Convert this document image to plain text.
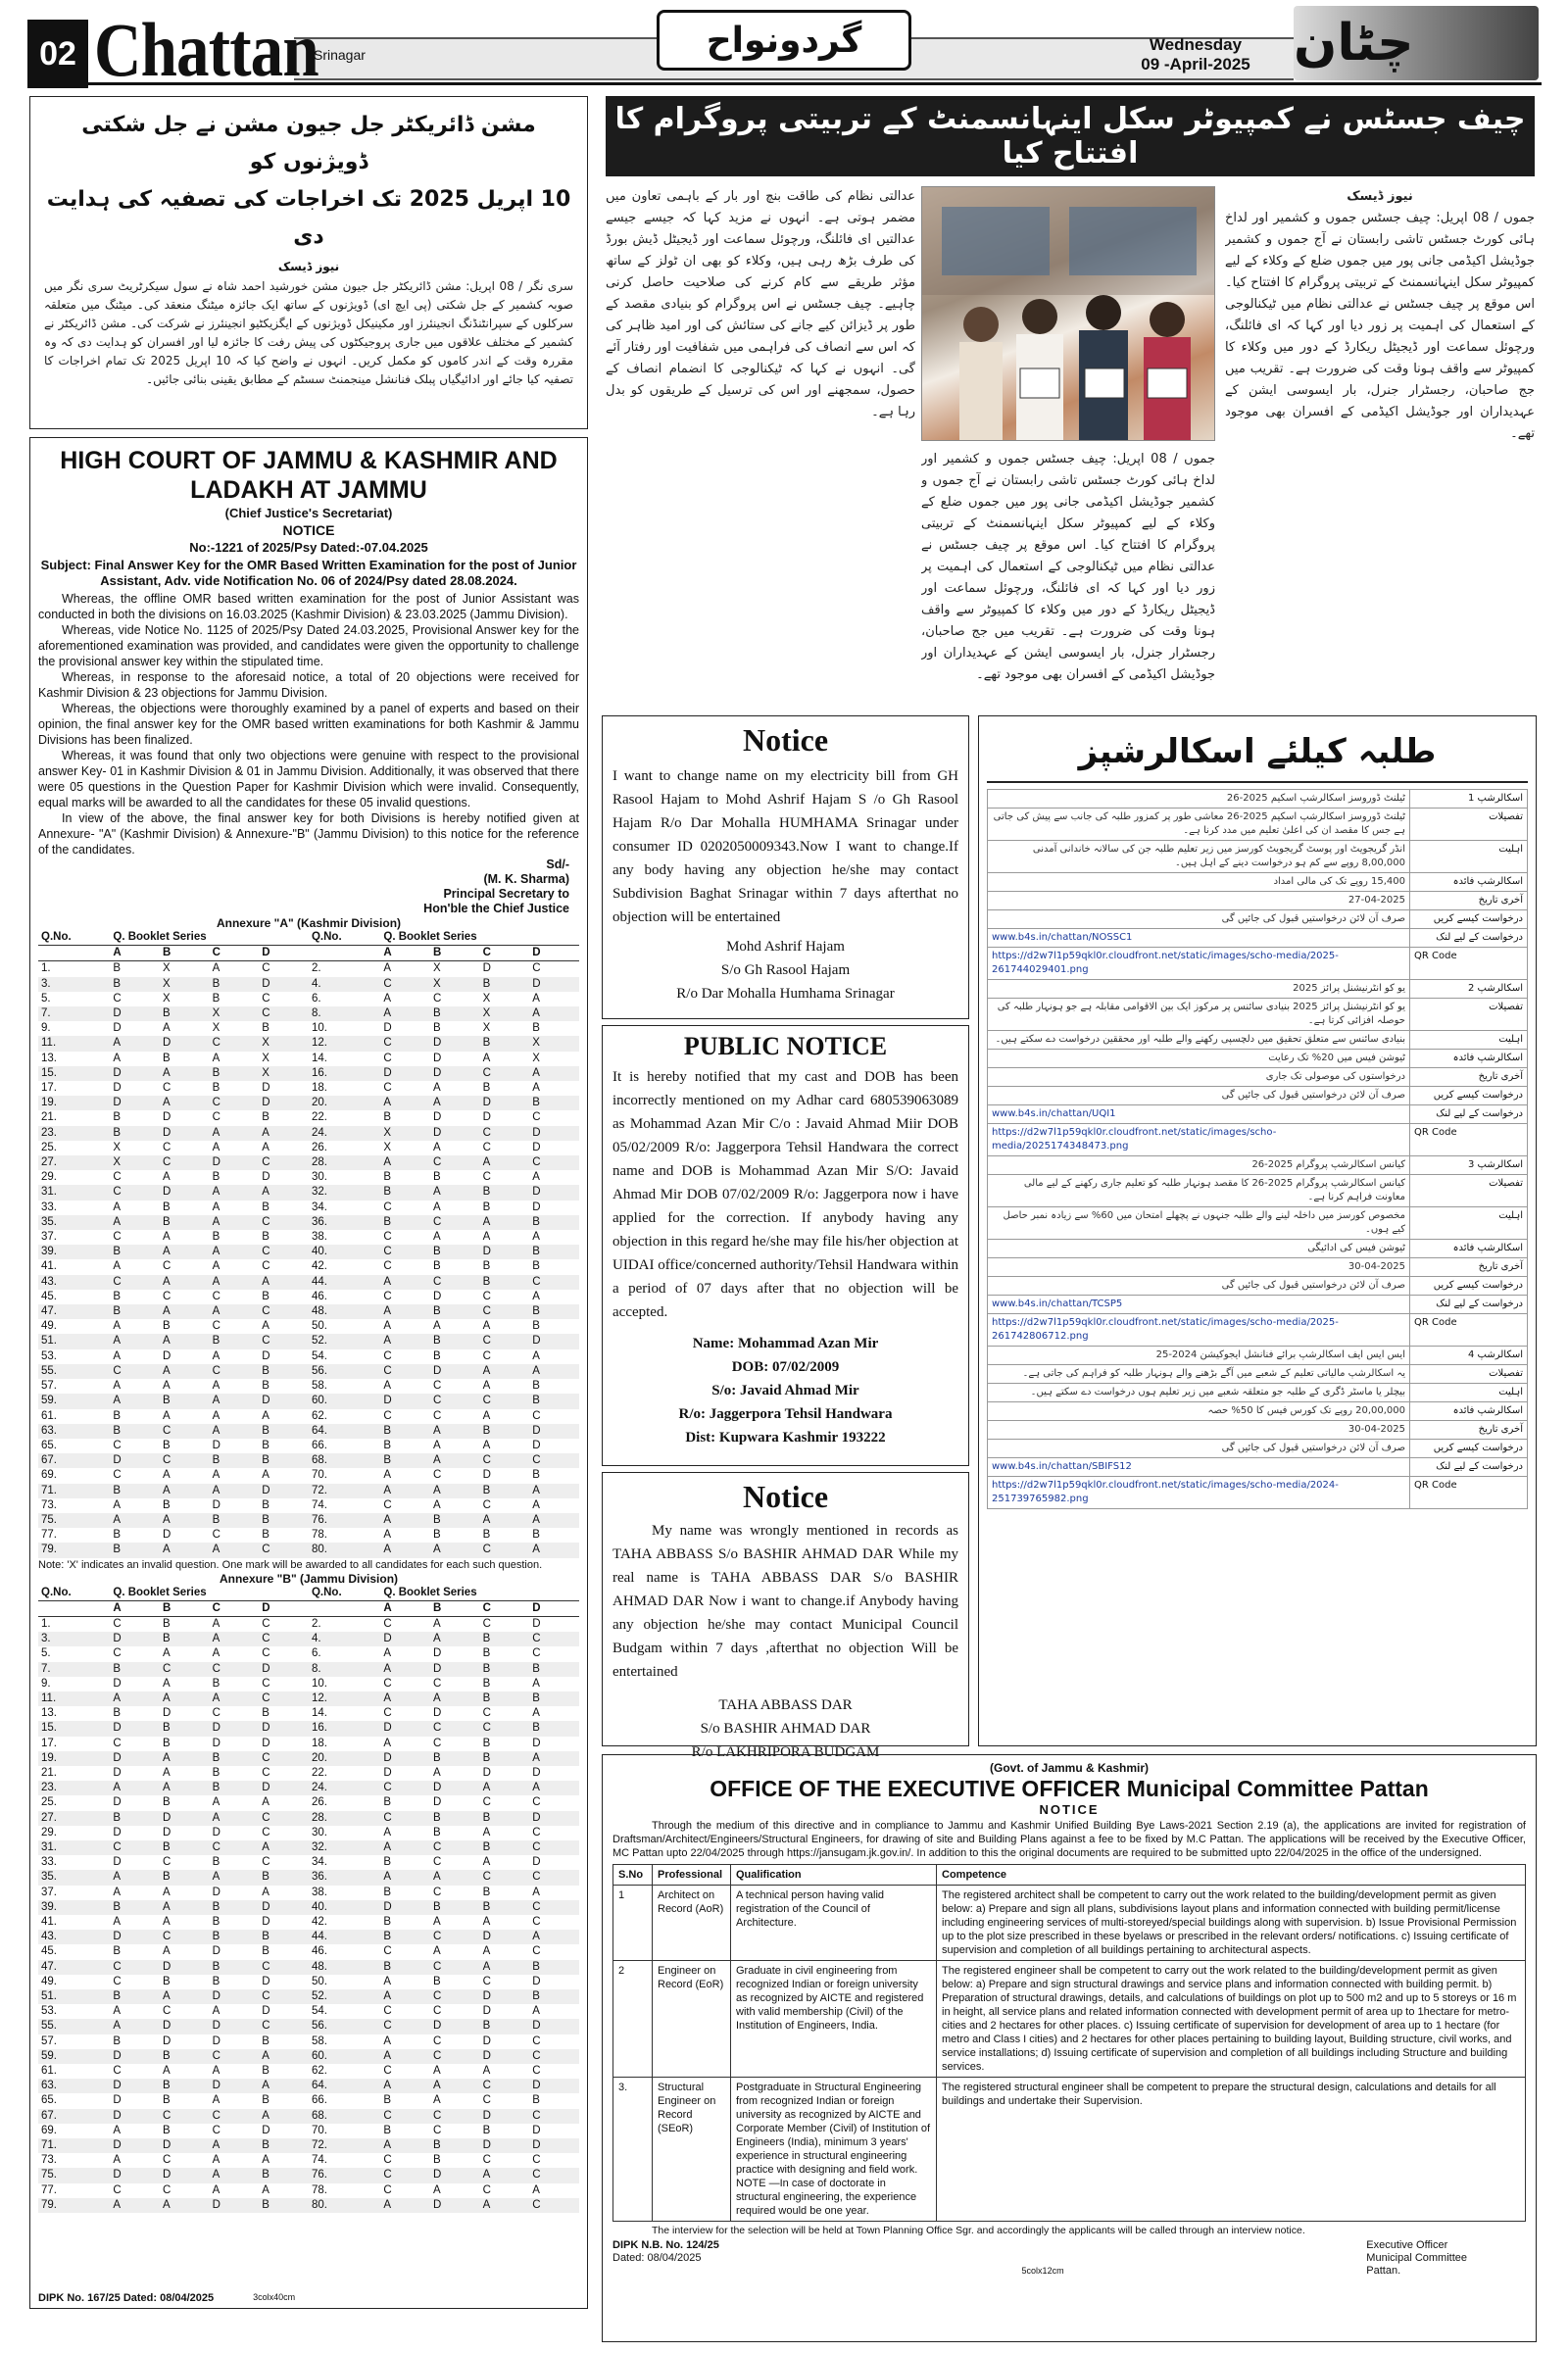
02 Chattan
Srinagar	گردونواح	Wednesday
09 -April-2025 چٹان
مشن ڈائریکٹر جل جیون مشن نے جل شکتی ڈویژنوں کو
10 اپریل 2025 تک اخراجات کی تصفیہ کی ہدایت دی
نیوز ڈیسک
سری نگر / 08 اپریل: مشن ڈائریکٹر جل جیون مشن خورشید احمد شاہ نے سول سیکرٹریٹ سری نگر میں صوبہ کشمیر کے جل شکتی (پی ایچ ای) ڈویژنوں کے ساتھ ایک جائزہ میٹنگ منعقد کی۔ میٹنگ میں متعلقہ سرکلوں کے سپرانٹنڈنگ انجینئرز اور مکینیکل ڈویژنوں کے ایگزیکٹیو انجینئرز نے شرکت کی۔ مشن ڈائریکٹر نے کشمیر کے مختلف علاقوں میں جاری پروجیکٹوں کی پیش رفت کا جائزہ لیا اور افسران کو ہدایت دی کہ وہ مقررہ وقت کے اندر کاموں کو مکمل کریں۔ انہوں نے واضح کیا کہ 10 اپریل 2025 تک تمام اخراجات کا تصفیہ کیا جائے اور ادائیگیاں پبلک فنانشل مینجمنٹ سسٹم کے مطابق یقینی بنائی جائیں۔
HIGH COURT OF JAMMU & KASHMIR AND LADAKH AT JAMMU
(Chief Justice's Secretariat)
NOTICE
No:-1221 of 2025/Psy Dated:-07.04.2025
Subject: Final Answer Key for the OMR Based Written Examination for the post of Junior Assistant, Adv. vide Notification No. 06 of 2024/Psy dated 28.08.2024.

Whereas, the offline OMR based written examination for the post of Junior Assistant was conducted in both the divisions on 16.03.2025 (Kashmir Division) & 23.03.2025 (Jammu Division).

Whereas, vide Notice No. 1125 of 2025/Psy Dated 24.03.2025, Provisional Answer key for the aforementioned examination was provided, and candidates were given the opportunity to challenge the provisional answer key within the stipulated time.

Whereas, in response to the aforesaid notice, a total of 20 objections were received for Kashmir Division & 23 objections for Jammu Division.

Whereas, the objections were thoroughly examined by a panel of experts and based on their opinion, the final answer key for the OMR based written examinations for both Kashmir & Jammu Divisions has been finalized.

Whereas, it was found that only two objections were genuine with respect to the provisional answer Key- 01 in Kashmir Division & 01 in Jammu Division. Additionally, it was observed that there were 05 questions in the Question Paper for Kashmir Division which were invalid. Consequently, equal marks will be awarded to all the candidates for these 05 invalid questions.

In view of the above, the final answer key for both Divisions is hereby notified given at Annexure- "A" (Kashmir Division) & Annexure-"B" (Jammu Division) to this notice for the reference of the candidates.

Sd/-
(M. K. Sharma)
Principal Secretary to
Hon'ble the Chief Justice
Annexure "A" (Kashmir Division)
Q.No.	Q. Booklet Series				Q.No.	Q. Booklet Series			
	A	B	C	D		A	B	C	D
1.	B	X	A	C	2.	A	X	D	C
3.	B	X	B	D	4.	C	X	B	D
5.	C	X	B	C	6.	A	C	X	A
7.	D	B	X	C	8.	A	B	X	A
9.	D	A	X	B	10.	D	B	X	B
11.	A	D	C	X	12.	C	D	B	X
13.	A	B	A	X	14.	C	D	A	X
15.	D	A	B	X	16.	D	D	C	A
17.	D	C	B	D	18.	C	A	B	A
19.	D	A	C	D	20.	A	A	D	B
21.	B	D	C	B	22.	B	D	D	C
23.	B	D	A	A	24.	X	D	C	D
25.	X	C	A	A	26.	X	A	C	D
27.	X	C	D	C	28.	A	C	A	C
29.	C	A	B	D	30.	B	B	C	A
31.	C	D	A	A	32.	B	A	B	D
33.	A	B	A	B	34.	C	A	B	D
35.	A	B	A	C	36.	B	C	A	B
37.	C	A	B	B	38.	C	A	A	A
39.	B	A	A	C	40.	C	B	D	B
41.	A	C	A	C	42.	C	B	B	B
43.	C	A	A	A	44.	A	C	B	C
45.	B	C	C	B	46.	C	D	C	A
47.	B	A	A	C	48.	A	B	C	B
49.	A	B	C	A	50.	A	A	A	B
51.	A	A	B	C	52.	A	B	C	D
53.	A	D	A	D	54.	C	B	C	A
55.	C	A	C	B	56.	C	D	A	A
57.	A	A	A	B	58.	A	C	A	B
59.	A	B	A	D	60.	D	C	C	B
61.	B	A	A	A	62.	C	C	A	C
63.	B	C	A	B	64.	B	A	B	D
65.	C	B	D	B	66.	B	A	A	D
67.	D	C	B	B	68.	B	A	C	C
69.	C	A	A	A	70.	A	C	D	B
71.	B	A	A	D	72.	A	A	B	A
73.	A	B	D	B	74.	C	A	C	A
75.	A	A	B	B	76.	A	B	A	A
77.	B	D	C	B	78.	A	B	B	B
79.	B	A	A	C	80.	A	A	C	A
Note: 'X' indicates an invalid question. One mark will be awarded to all candidates for each such question.
Annexure "B" (Jammu Division)
Q.No.	Q. Booklet Series				Q.No.	Q. Booklet Series			
	A	B	C	D		A	B	C	D
1.	C	B	A	C	2.	C	A	C	D
3.	D	B	A	C	4.	D	A	B	C
5.	C	A	A	C	6.	A	D	B	C
7.	B	C	C	D	8.	A	D	B	B
9.	D	A	B	C	10.	C	C	B	A
11.	A	A	A	C	12.	A	A	B	B
13.	B	D	C	B	14.	C	D	C	A
15.	D	B	D	D	16.	D	C	C	B
17.	C	B	D	D	18.	A	C	B	D
19.	D	A	B	C	20.	D	B	B	A
21.	D	A	B	C	22.	D	A	D	D
23.	A	A	B	D	24.	C	D	A	A
25.	D	B	A	A	26.	B	D	C	C
27.	B	D	A	C	28.	C	B	B	D
29.	D	D	D	C	30.	A	B	A	C
31.	C	B	C	A	32.	A	C	B	C
33.	D	C	B	C	34.	B	C	A	D
35.	A	B	A	B	36.	A	A	C	C
37.	A	A	D	A	38.	B	C	B	A
39.	B	A	B	D	40.	D	B	B	C
41.	A	A	B	D	42.	B	A	A	C
43.	D	C	B	B	44.	B	C	D	A
45.	B	A	D	B	46.	C	A	A	C
47.	C	D	B	C	48.	B	C	A	B
49.	C	B	B	D	50.	A	B	C	D
51.	B	A	D	C	52.	A	C	D	B
53.	A	C	A	D	54.	C	C	D	A
55.	A	D	D	C	56.	C	D	B	D
57.	B	D	D	B	58.	A	C	D	C
59.	D	B	C	A	60.	A	C	D	C
61.	C	A	A	B	62.	C	A	A	C
63.	D	B	D	A	64.	A	A	C	D
65.	D	B	A	B	66.	B	A	C	B
67.	D	C	C	A	68.	C	C	D	C
69.	A	B	C	D	70.	B	C	B	D
71.	D	D	A	B	72.	A	B	D	D
73.	A	C	A	A	74.	C	B	C	C
75.	D	D	A	B	76.	C	D	A	C
77.	C	C	A	A	78.	C	A	C	A
79.	A	A	D	B	80.	A	D	A	C
DIPK No. 167/25 Dated: 08/04/2025	3colx40cm
چیف جسٹس نے کمپیوٹر سکل اینہانسمنٹ کے تربیتی پروگرام کا افتتاح کیا
نیوز ڈیسک
جموں / 08 اپریل: چیف جسٹس جموں و کشمیر اور لداخ ہائی کورٹ جسٹس تاشی رابستان نے آج جموں و کشمیر جوڈیشل اکیڈمی جانی پور میں جموں ضلع کے وکلاء کے لیے کمپیوٹر سکل اینہانسمنٹ کے تربیتی پروگرام کا افتتاح کیا۔ اس موقع پر چیف جسٹس نے عدالتی نظام میں ٹیکنالوجی کے استعمال کی اہمیت پر زور دیا اور کہا کہ ای فائلنگ، ورچوئل سماعت اور ڈیجیٹل ریکارڈ کے دور میں وکلاء کا کمپیوٹر سے واقف ہونا وقت کی ضرورت ہے۔ تقریب میں جج صاحبان، رجسٹرار جنرل، بار ایسوسی ایشن کے عہدیداران اور جوڈیشل اکیڈمی کے افسران بھی موجود تھے۔
عدالتی نظام کی طاقت بنچ اور بار کے باہمی تعاون میں مضمر ہوتی ہے۔ انہوں نے مزید کہا کہ جیسے جیسے عدالتیں ای فائلنگ، ورچوئل سماعت اور ڈیجیٹل ڈیش بورڈ کی طرف بڑھ رہی ہیں، وکلاء کو بھی ان ٹولز کے ساتھ مؤثر طریقے سے کام کرنے کی صلاحیت حاصل کرنی چاہیے۔ چیف جسٹس نے اس پروگرام کو بنیادی مقصد کے طور پر ڈیزائن کیے جانے کی ستائش کی اور امید ظاہر کی کہ اس سے انصاف کی فراہمی میں شفافیت اور رفتار آئے گی۔ انہوں نے کہا کہ ٹیکنالوجی کا انضمام انصاف کے حصول، سمجھنے اور اس کی ترسیل کے طریقوں کو بدل رہا ہے۔
جموں / 08 اپریل: چیف جسٹس جموں و کشمیر اور لداخ ہائی کورٹ جسٹس تاشی رابستان نے آج جموں و کشمیر جوڈیشل اکیڈمی جانی پور میں جموں ضلع کے وکلاء کے لیے کمپیوٹر سکل اینہانسمنٹ کے تربیتی پروگرام کا افتتاح کیا۔ اس موقع پر چیف جسٹس نے عدالتی نظام میں ٹیکنالوجی کے استعمال کی اہمیت پر زور دیا اور کہا کہ ای فائلنگ، ورچوئل سماعت اور ڈیجیٹل ریکارڈ کے دور میں وکلاء کا کمپیوٹر سے واقف ہونا وقت کی ضرورت ہے۔ تقریب میں جج صاحبان، رجسٹرار جنرل، بار ایسوسی ایشن کے عہدیداران اور جوڈیشل اکیڈمی کے افسران بھی موجود تھے۔
Notice
I want to change name on my electricity bill from GH Rasool Hajam to Mohd Ashrif Hajam S /o Gh Rasool Hajam R/o Dar Mohalla HUMHAMA Srinagar under consumer ID 0202050009343.Now I want to change.If any body having any objection he/she may contact Subdivision Baghat Srinagar within 7 days afterthat no objection will be entertained
Mohd Ashrif Hajam
S/o Gh Rasool Hajam
R/o Dar Mohalla Humhama Srinagar
PUBLIC NOTICE
It is hereby notified that my cast and DOB has been incorrectly mentioned on my Adhar card 680539063089 as Mohammad Azan Mir C/o : Javaid Ahmad Miir DOB 05/02/2009 R/o: Jaggerpora Tehsil Handwara the correct name and DOB is Mohammad Azan Mir S/O: Javaid Ahmad Mir DOB 07/02/2009 R/o: Jaggerpora now i have applied for the correction. If anybody having any objection in this regard he/she may file his/her objection at UIDAI office/concerned authority/Tehsil Handwara within a period of 07 days after that no objection will be accepted.
Name: Mohammad Azan Mir
DOB: 07/02/2009
S/o: Javaid Ahmad Mir
R/o: Jaggerpora Tehsil Handwara
Dist: Kupwara Kashmir 193222
Notice
My name was wrongly mentioned in records as TAHA ABBASS S/o BASHIR AHMAD DAR While my real name is TAHA ABBASS DAR S/o BASHIR AHMAD DAR Now i want to change.if Anybody having any objection he/she may contact Municipal Council Budgam within 7 days ,afterthat no objection Will be entertained
TAHA ABBASS DAR
S/o BASHIR AHMAD DAR
R/o LAKHRIPORA BUDGAM
طلبہ کیلئے اسکالرشپز
ٹیلنٹ ڈوروسز اسکالرشپ اسکیم 2025-26	اسکالرشپ 1
ٹیلنٹ ڈوروسز اسکالرشپ اسکیم 2025-26 معاشی طور پر کمزور طلبہ کی جانب سے پیش کی جاتی ہے جس کا مقصد ان کی اعلیٰ تعلیم میں مدد کرنا ہے۔	تفصیلات
انڈر گریجویٹ اور پوسٹ گریجویٹ کورسز میں زیر تعلیم طلبہ جن کی سالانہ خاندانی آمدنی 8,00,000 روپے سے کم ہو درخواست دینے کے اہل ہیں۔	اہلیت
15,400 روپے تک کی مالی امداد	اسکالرشپ فائدہ
27-04-2025	آخری تاریخ
صرف آن لائن درخواستیں قبول کی جائیں گی	درخواست کیسے کریں
www.b4s.in/chattan/NOSSC1	درخواست کے لیے لنک
https://d2w7l1p59qkl0r.cloudfront.net/static/images/scho-media/2025-261744029401.png	QR Code
یو کو انٹرنیشنل پرائز 2025	اسکالرشپ 2
یو کو انٹرنیشنل پرائز 2025 بنیادی سائنس پر مرکوز ایک بین الاقوامی مقابلہ ہے جو ہونہار طلبہ کی حوصلہ افزائی کرتا ہے۔	تفصیلات
بنیادی سائنس سے متعلق تحقیق میں دلچسپی رکھنے والے طلبہ اور محققین درخواست دے سکتے ہیں۔	اہلیت
ٹیوشن فیس میں 20% تک رعایت	اسکالرشپ فائدہ
درخواستوں کی موصولی تک جاری	آخری تاریخ
صرف آن لائن درخواستیں قبول کی جائیں گی	درخواست کیسے کریں
www.b4s.in/chattan/UQI1	درخواست کے لیے لنک
https://d2w7l1p59qkl0r.cloudfront.net/static/images/scho-media/2025174348473.png	QR Code
کیانس اسکالرشپ پروگرام 2025-26	اسکالرشپ 3
کیانس اسکالرشپ پروگرام 2025-26 کا مقصد ہونہار طلبہ کو تعلیم جاری رکھنے کے لیے مالی معاونت فراہم کرنا ہے۔	تفصیلات
مخصوص کورسز میں داخلہ لینے والے طلبہ جنہوں نے پچھلے امتحان میں 60% سے زیادہ نمبر حاصل کیے ہوں۔	اہلیت
ٹیوشن فیس کی ادائیگی	اسکالرشپ فائدہ
30-04-2025	آخری تاریخ
صرف آن لائن درخواستیں قبول کی جائیں گی	درخواست کیسے کریں
www.b4s.in/chattan/TCSP5	درخواست کے لیے لنک
https://d2w7l1p59qkl0r.cloudfront.net/static/images/scho-media/2025-261742806712.png	QR Code
ایس ایس ایف اسکالرشپ برائے فنانشل ایجوکیشن 2024-25	اسکالرشپ 4
یہ اسکالرشپ مالیاتی تعلیم کے شعبے میں آگے بڑھنے والے ہونہار طلبہ کو فراہم کی جاتی ہے۔	تفصیلات
بیچلر یا ماسٹر ڈگری کے طلبہ جو متعلقہ شعبے میں زیر تعلیم ہوں درخواست دے سکتے ہیں۔	اہلیت
20,00,000 روپے تک کورس فیس کا 50% حصہ	اسکالرشپ فائدہ
30-04-2025	آخری تاریخ
صرف آن لائن درخواستیں قبول کی جائیں گی	درخواست کیسے کریں
www.b4s.in/chattan/SBIFS12	درخواست کے لیے لنک
https://d2w7l1p59qkl0r.cloudfront.net/static/images/scho-media/2024-251739765982.png	QR Code
(Govt. of Jammu & Kashmir)
OFFICE OF THE EXECUTIVE OFFICER Municipal Committee Pattan
NOTICE
Through the medium of this directive and in compliance to Jammu and Kashmir Unified Building Bye Laws-2021 Section 2.19 (a), the applications are invited for registration of Draftsman/Architect/Engineers/Structural Engineers, for drawing of site and Building Plans against a fee to be fixed by M.C Pattan. The applications will be received by the Executive Officer, MC Pattan upto 22/04/2025 through https://jansugam.jk.gov.in/. In addition to this the original documents are required to be submitted upto 22/04/2025 in the office of the undersigned.
S.No	Professional	Qualification	Competence
1	Architect on Record (AoR)	A technical person having valid registration of the Council of Architecture.	The registered architect shall be competent to carry out the work related to the building/development permit as given below: a) Prepare and sign all plans, subdivisions layout plans and information connected with building permit/license including engineering services of multi-storeyed/special buildings along with supervision. b) Issue Provisional Permission up to the plot size prescribed in these byelaws or prescribed in the relevant orders/ notifications. c) Issuing certificate of supervision and completion of all buildings pertaining to architectural aspects.
2	Engineer on Record (EoR)	Graduate in civil engineering from recognized Indian or foreign university as recognized by AICTE and registered with valid membership (Civil) of the Institution of Engineers, India.	The registered engineer shall be competent to carry out the work related to the building/development permit as given below: a) Prepare and sign structural drawings and service plans and information connected with building permit. b) Preparation of structural drawings, details, and calculations of buildings on plot up to 500 m2 and up to 5 storeys or 16 m in height, all service plans and related information connected with development permit of area up to 1hectare for metro-cities and 2 hectares for other places. c) Issuing certificate of supervision for development of area up to 1 hectare (for metro and Class I cities) and 2 hectares for other places pertaining to building layout, Building structure, civil works, and service installations; d) Issuing certificate of supervision and completion of all buildings including Structure and building services.
3.	Structural Engineer on Record (SEoR)	Postgraduate in Structural Engineering from recognized Indian or foreign university as recognized by AICTE and Corporate Member (Civil) of Institution of Engineers (India), minimum 3 years' experience in structural engineering practice with designing and field work. NOTE —In case of doctorate in structural engineering, the experience required would be one year.	The registered structural engineer shall be competent to prepare the structural design, calculations and details for all buildings and undertake their Supervision.
The interview for the selection will be held at Town Planning Office Sgr. and accordingly the applicants will be called through an interview notice.
DIPK N.B. No. 124/25
Dated: 08/04/2025
5colx12cm
Executive Officer
Municipal Committee
Pattan.
